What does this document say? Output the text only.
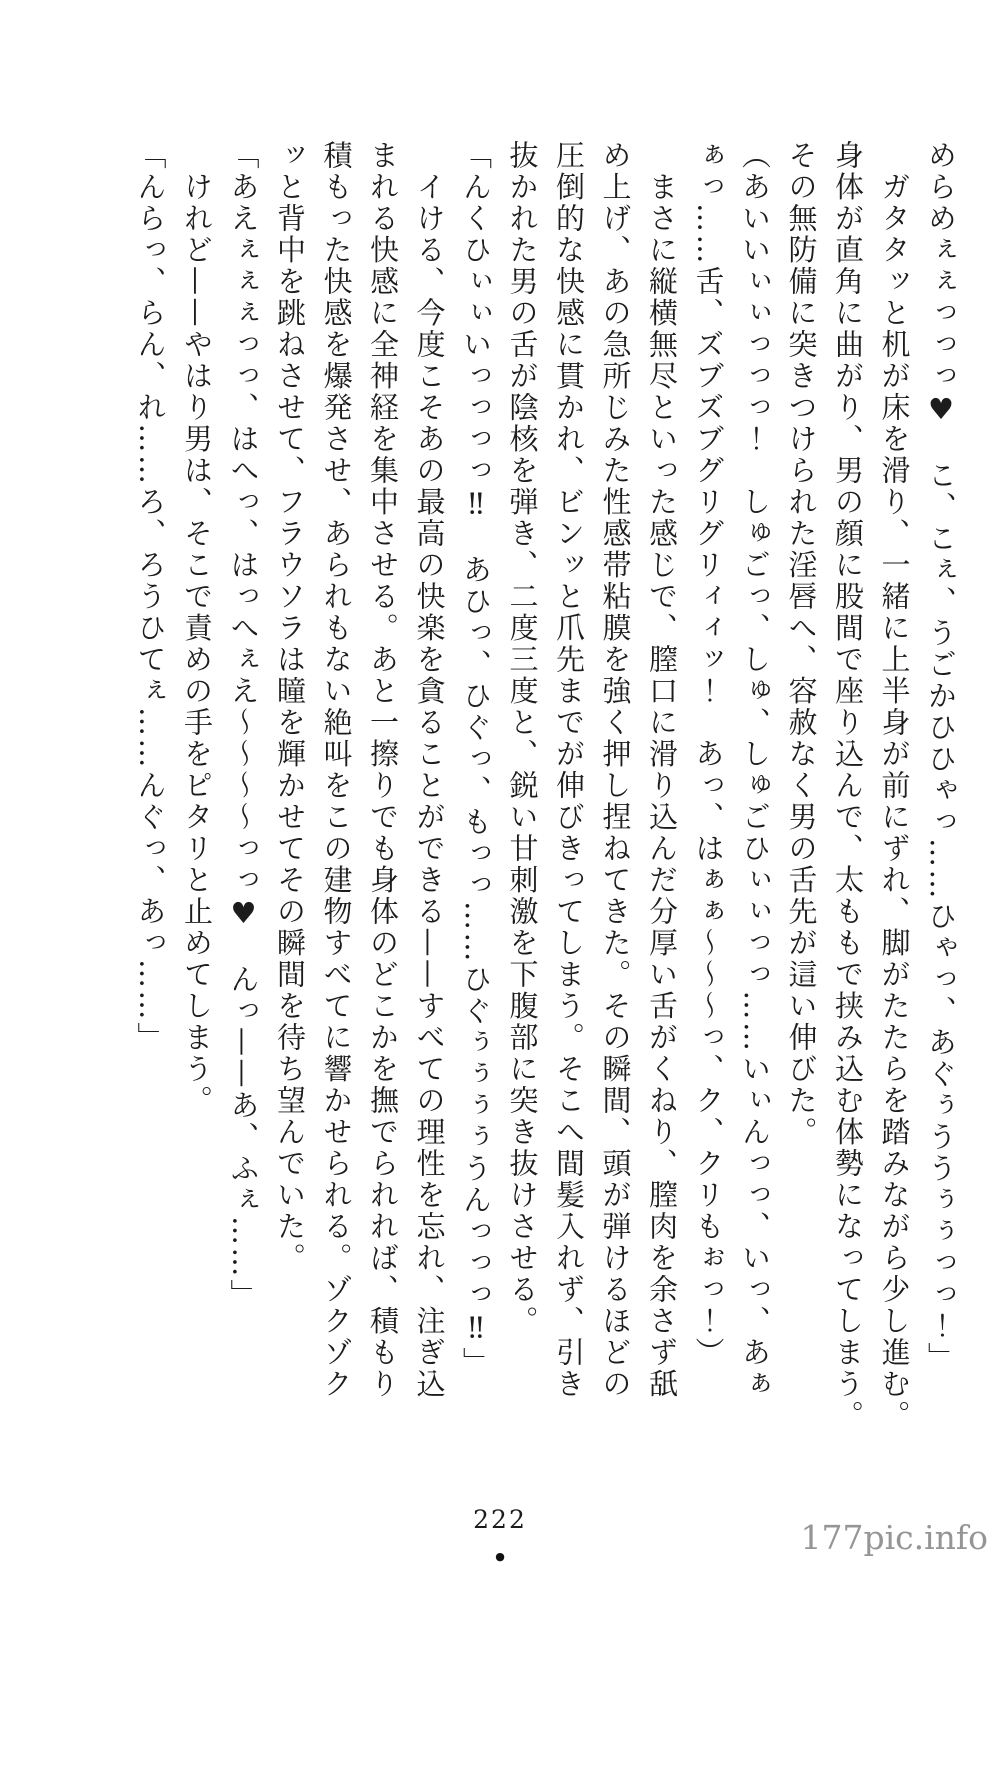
めらめぇぇっっっ♥　こ、こぇ、うごかひひゃっ……ひゃっ、あぐぅううぅぅっっ！」

　ガタタッと机が床を滑り、一緒に上半身が前にずれ、脚がたたらを踏みながら少し進む。

身体が直角に曲がり、男の顔に股間で座り込んで、太ももで挟み込む体勢になってしまう。

その無防備に突きつけられた淫唇へ、容赦なく男の舌先が這い伸びた。

（あいいぃぃっっっ！　しゅごっ、しゅ、しゅごひぃぃっっ……いぃんっっ、いっ、あぁ

ぁっ……舌、ズブズブグリグリィィッ！　あっ、はぁぁ〜〜〜っ、ク、クリもぉっ！）

　まさに縦横無尽といった感じで、膣口に滑り込んだ分厚い舌がくねり、膣肉を余さず舐

め上げ、あの急所じみた性感帯粘膜を強く押し捏ねてきた。その瞬間、頭が弾けるほどの

圧倒的な快感に貫かれ、ビンッと爪先までが伸びきってしまう。そこへ間髪入れず、引き

抜かれた男の舌が陰核を弾き、二度三度と、鋭い甘刺激を下腹部に突き抜けさせる。

「んくひぃぃいっっっっ‼　あひっ、ひぐっ、もっっ……ひぐぅぅぅぅうんっっっ‼」

　イける、今度こそあの最高の快楽を貪ることができる——すべての理性を忘れ、注ぎ込

まれる快感に全神経を集中させる。あと一擦りでも身体のどこかを撫でられれば、積もり

積もった快感を爆発させ、あられもない絶叫をこの建物すべてに響かせられる。ゾクゾク

ッと背中を跳ねさせて、フラウソラは瞳を輝かせてその瞬間を待ち望んでいた。

「あえぇぇぇっっ、はへっ、はっへぇえ〜〜〜〜っっ♥　んっ——あ、ふぇ……」

　けれど——やはり男は、そこで責めの手をピタリと止めてしまう。

「んらっ、らん、れ……ろ、ろうひてぇ……んぐっ、あっ……」

222
●	177pic.info
